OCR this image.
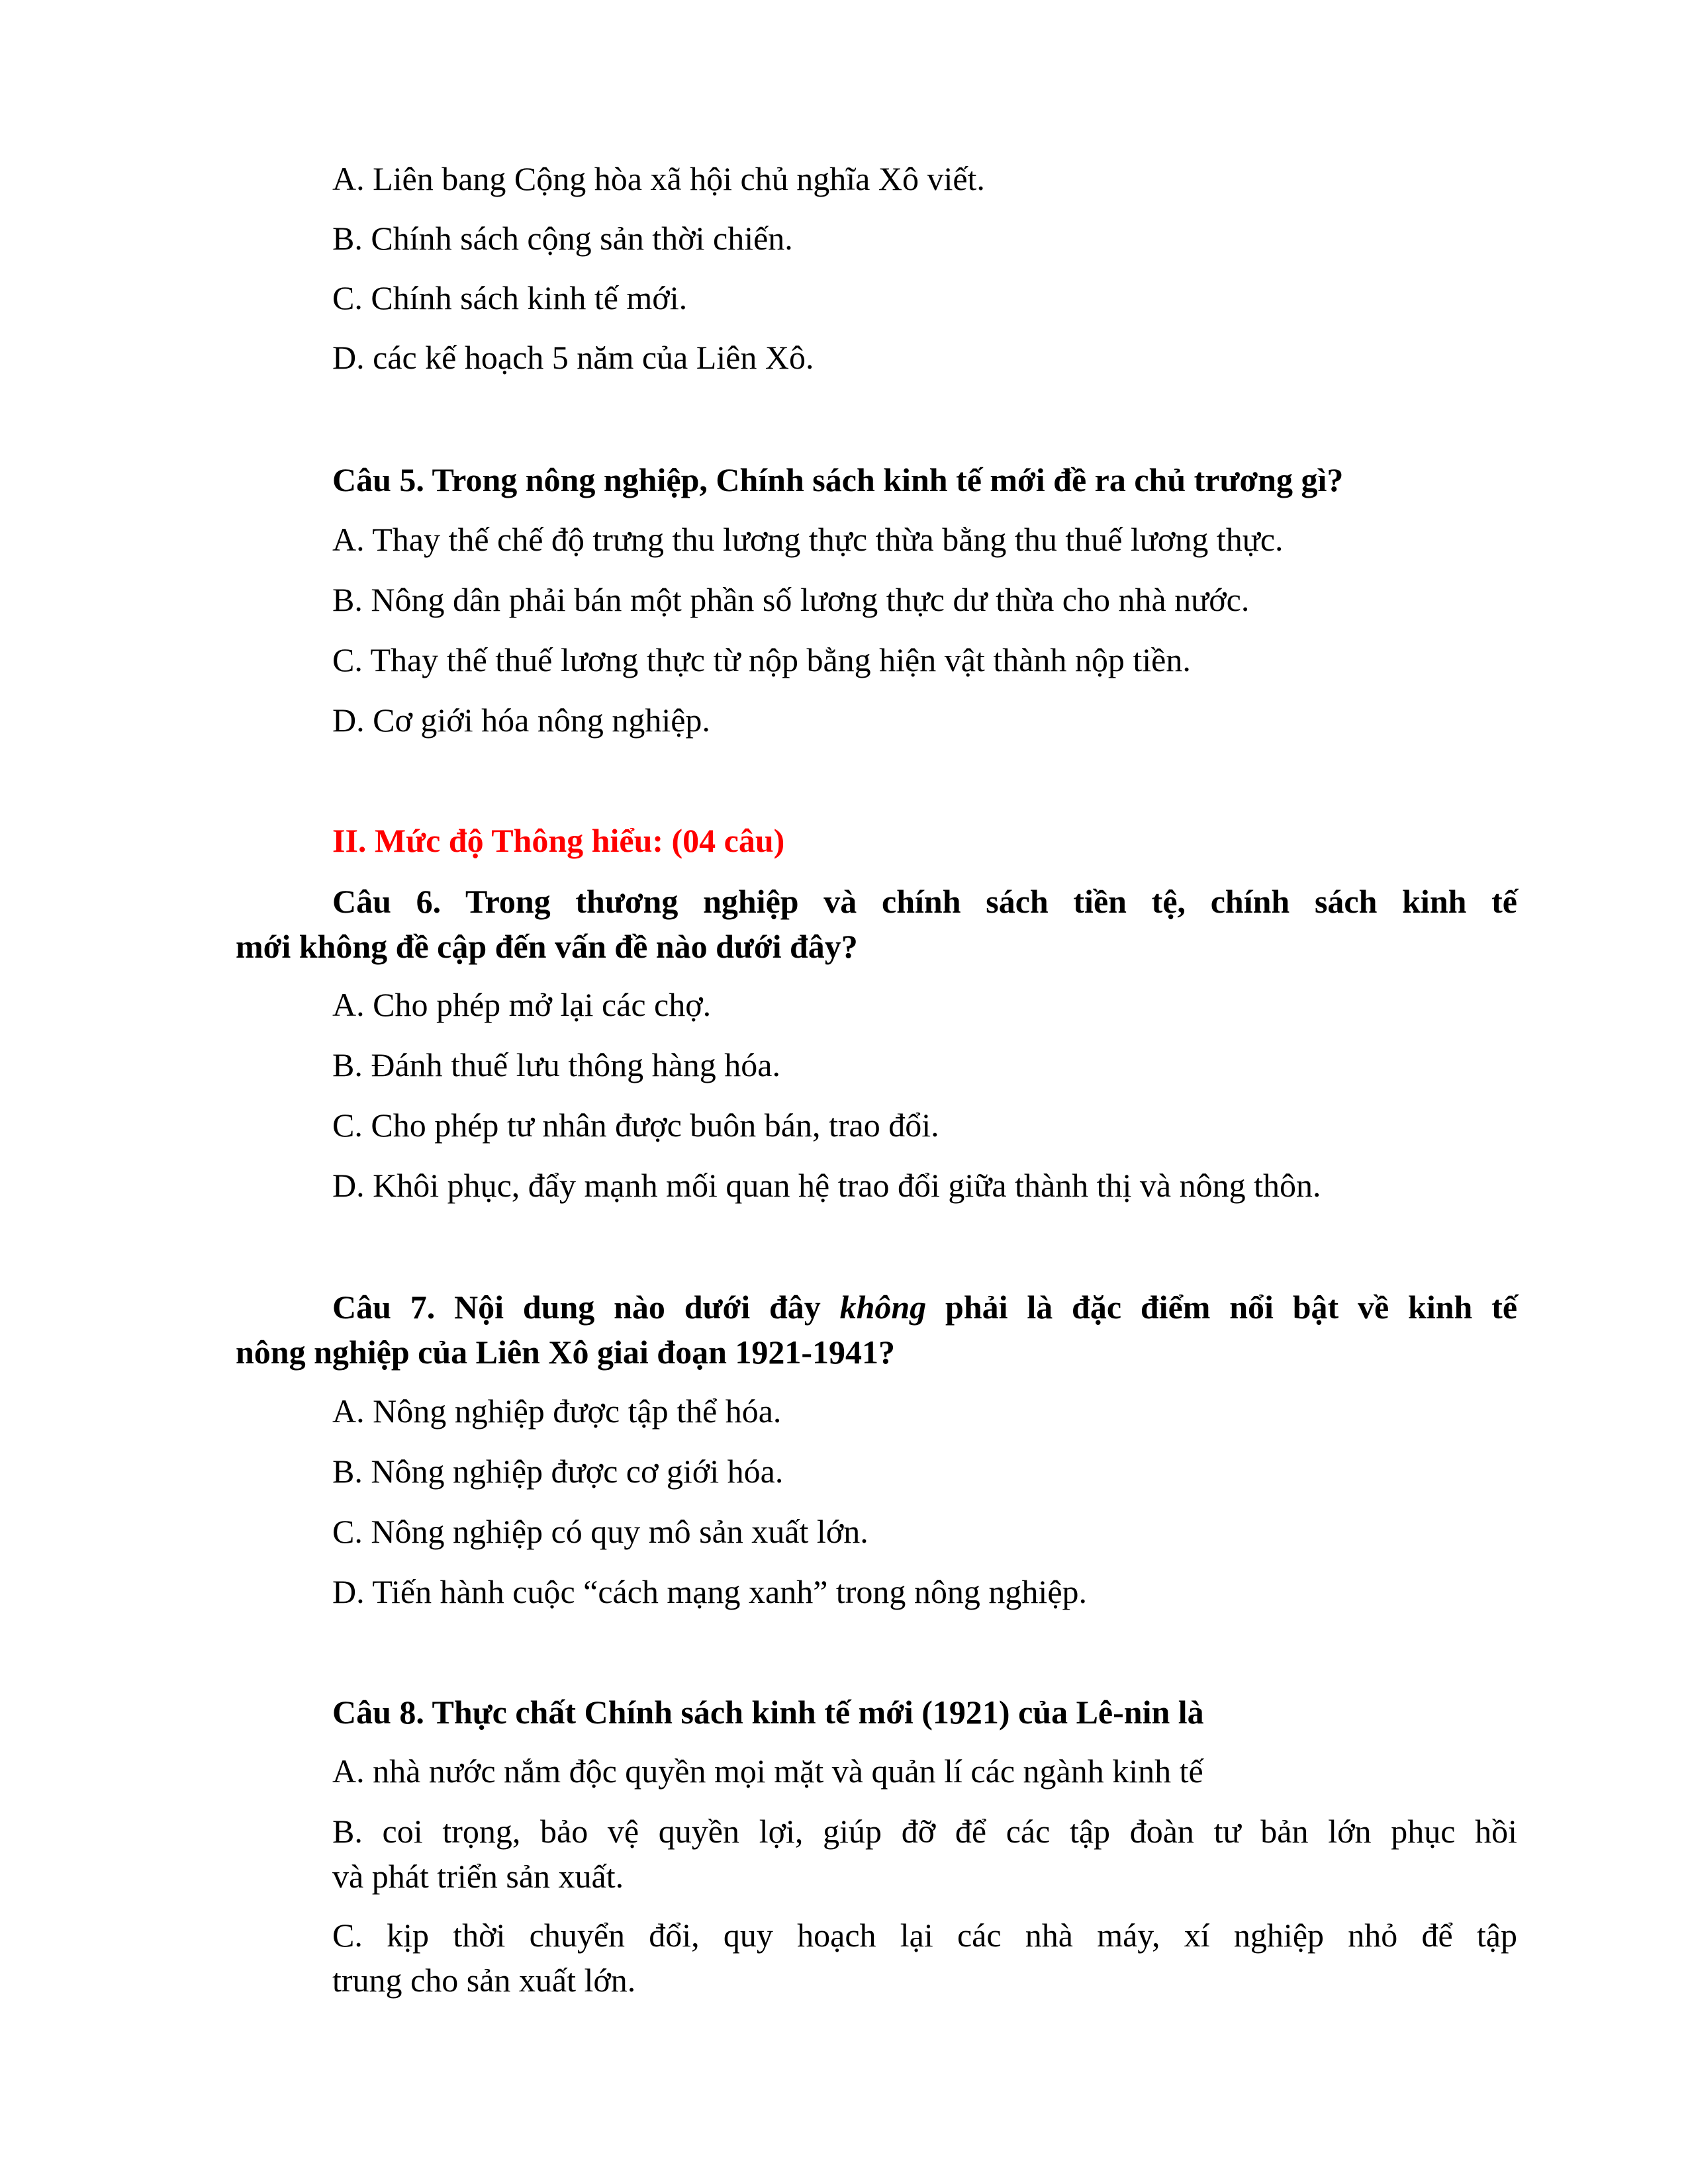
A. Liên bang Cộng hòa xã hội chủ nghĩa Xô viết.
B. Chính sách cộng sản thời chiến.
C. Chính sách kinh tế mới.
D. các kế hoạch 5 năm của Liên Xô.
Câu 5. Trong nông nghiệp, Chính sách kinh tế mới đề ra chủ trương gì?
A. Thay thế chế độ trưng thu lương thực thừa bằng thu thuế lương thực.
B. Nông dân phải bán một phần số lương thực dư thừa cho nhà nước.
C. Thay thế thuế lương thực từ nộp bằng hiện vật thành nộp tiền.
D. Cơ giới hóa nông nghiệp.
II. Mức độ Thông hiểu: (04 câu)
Câu 6. Trong thương nghiệp và chính sách tiền tệ, chính sách kinh tế
mới không đề cập đến vấn đề nào dưới đây?
A. Cho phép mở lại các chợ.
B. Đánh thuế lưu thông hàng hóa.
C. Cho phép tư nhân được buôn bán, trao đổi.
D. Khôi phục, đẩy mạnh mối quan hệ trao đổi giữa thành thị và nông thôn.
Câu 7. Nội dung nào dưới đây không phải là đặc điểm nổi bật về kinh tế
nông nghiệp của Liên Xô giai đoạn 1921-1941?
A. Nông nghiệp được tập thể hóa.
B. Nông nghiệp được cơ giới hóa.
C. Nông nghiệp có quy mô sản xuất lớn.
D. Tiến hành cuộc “cách mạng xanh” trong nông nghiệp.
Câu 8. Thực chất Chính sách kinh tế mới (1921) của Lê-nin là
A. nhà nước nắm độc quyền mọi mặt và quản lí các ngành kinh tế
B. coi trọng, bảo vệ quyền lợi, giúp đỡ để các tập đoàn tư bản lớn phục hồi
và phát triển sản xuất.
C. kịp thời chuyển đổi, quy hoạch lại các nhà máy, xí nghiệp nhỏ để tập
trung cho sản xuất lớn.
